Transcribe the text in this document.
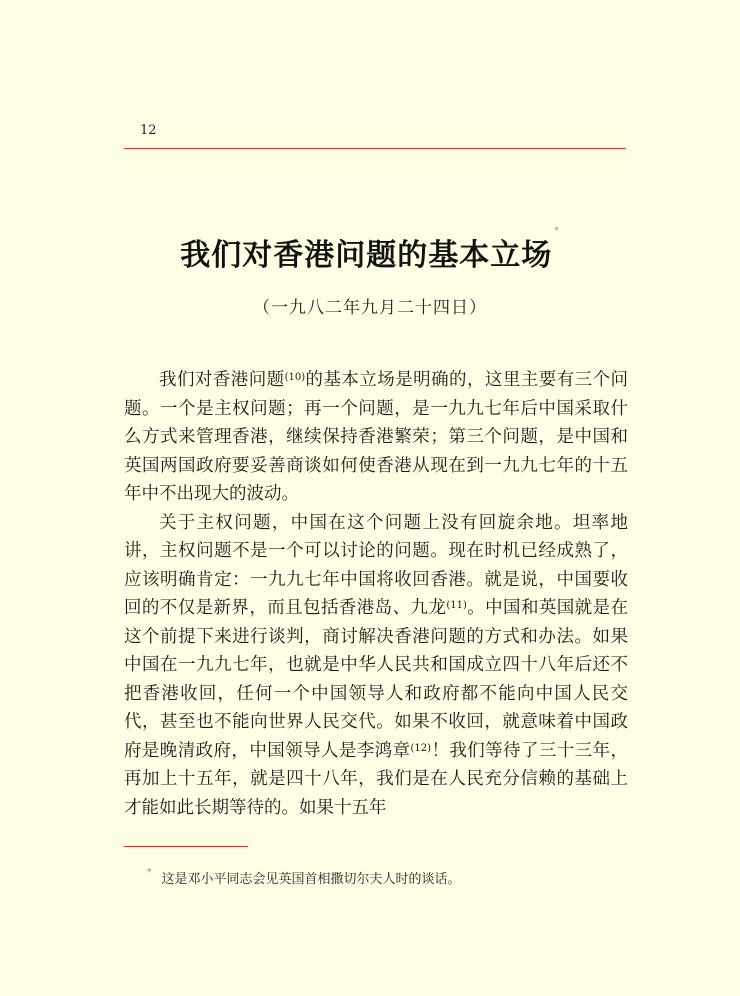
12
我们对香港问题的基本立场*
（一九八二年九月二十四日）

我们对香港问题$^{(10)}$的基本立场是明确的，这里主要有三个问题。一个是主权问题；再一个问题，是一九九七年后中国采取什么方式来管理香港，继续保持香港繁荣；第三个问题，是中国和英国两国政府要妥善商谈如何使香港从现在到一九九七年的十五年中不出现大的波动。

关于主权问题，中国在这个问题上没有回旋余地。坦率地讲，主权问题不是一个可以讨论的问题。现在时机已经成熟了，应该明确肯定：一九九七年中国将收回香港。就是说，中国要收回的不仅是新界，而且包括香港岛、九龙$^{(11)}$。中国和英国就是在这个前提下来进行谈判，商讨解决香港问题的方式和办法。如果中国在一九九七年，也就是中华人民共和国成立四十八年后还不把香港收回，任何一个中国领导人和政府都不能向中国人民交代，甚至也不能向世界人民交代。如果不收回，就意味着中国政府是晚清政府，中国领导人是李鸿章$^{(12)}$！我们等待了三十三年，再加上十五年，就是四十八年，我们是在人民充分信赖的基础上才能如此长期等待的。如果十五年

* 这是邓小平同志会见英国首相撒切尔夫人时的谈话。
